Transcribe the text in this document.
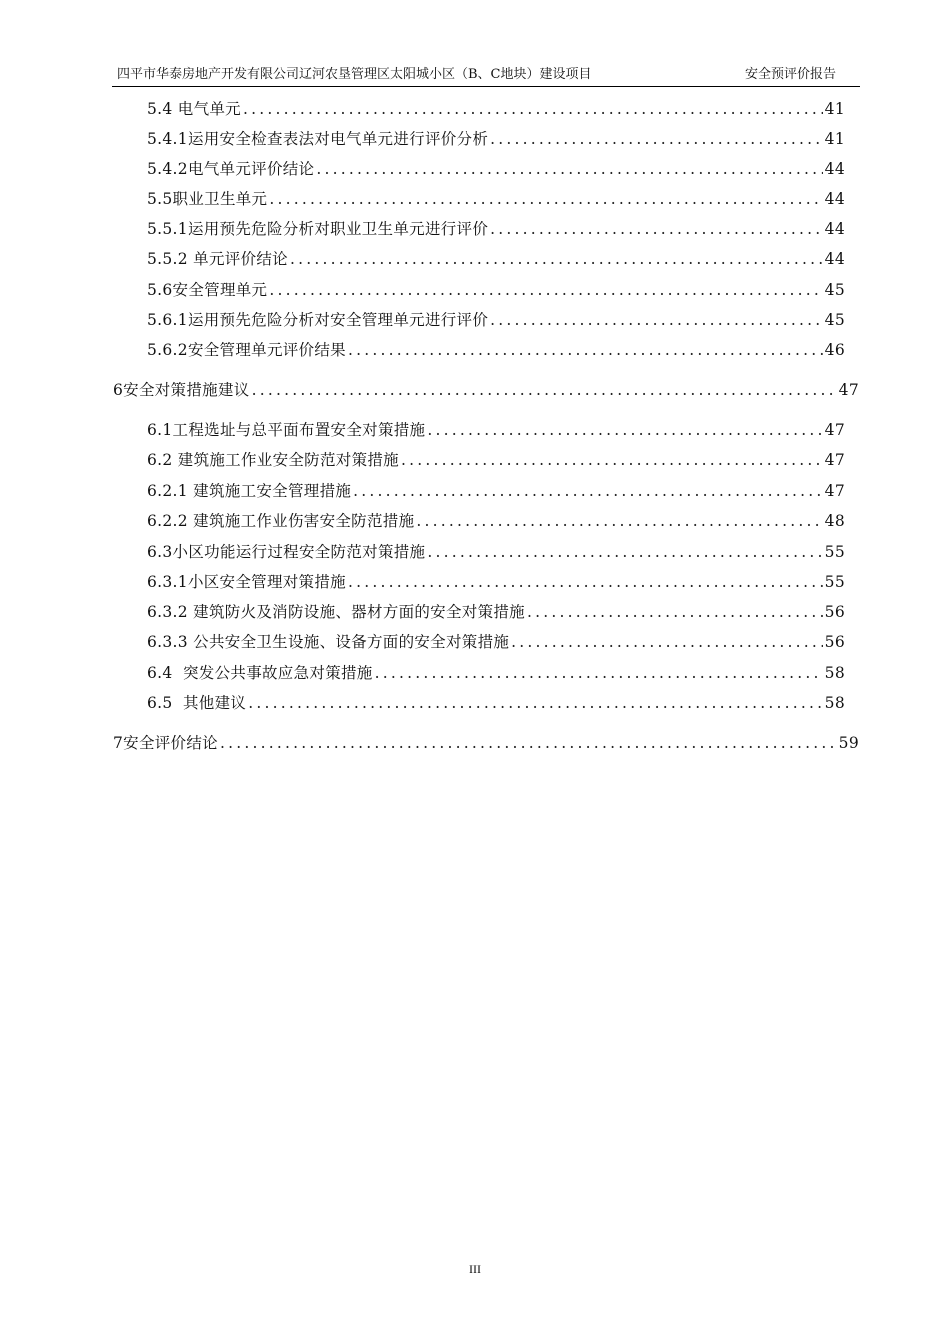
四平市华泰房地产开发有限公司辽河农垦管理区太阳城小区（B、C地块）建设项目	安全预评价报告
5.4 电气单元 .....	41
5.4.1运用安全检查表法对电气单元进行评价分析 .....	41
5.4.2电气单元评价结论 .....	44
5.5职业卫生单元 .....	44
5.5.1运用预先危险分析对职业卫生单元进行评价 .....	44
5.5.2 单元评价结论 .....	44
5.6安全管理单元 .....	45
5.6.1运用预先危险分析对安全管理单元进行评价 .....	45
5.6.2安全管理单元评价结果 .....	46
6安全对策措施建议 .....	47
6.1工程选址与总平面布置安全对策措施 .....	47
6.2 建筑施工作业安全防范对策措施 .....	47
6.2.1 建筑施工安全管理措施 .....	47
6.2.2 建筑施工作业伤害安全防范措施 .....	48
6.3小区功能运行过程安全防范对策措施 .....	55
6.3.1小区安全管理对策措施 .....	55
6.3.2 建筑防火及消防设施、器材方面的安全对策措施 .....	56
6.3.3 公共安全卫生设施、设备方面的安全对策措施 .....	56
6.4  突发公共事故应急对策措施 .....	58
6.5  其他建议 .....	58
7安全评价结论 .....	59
III
